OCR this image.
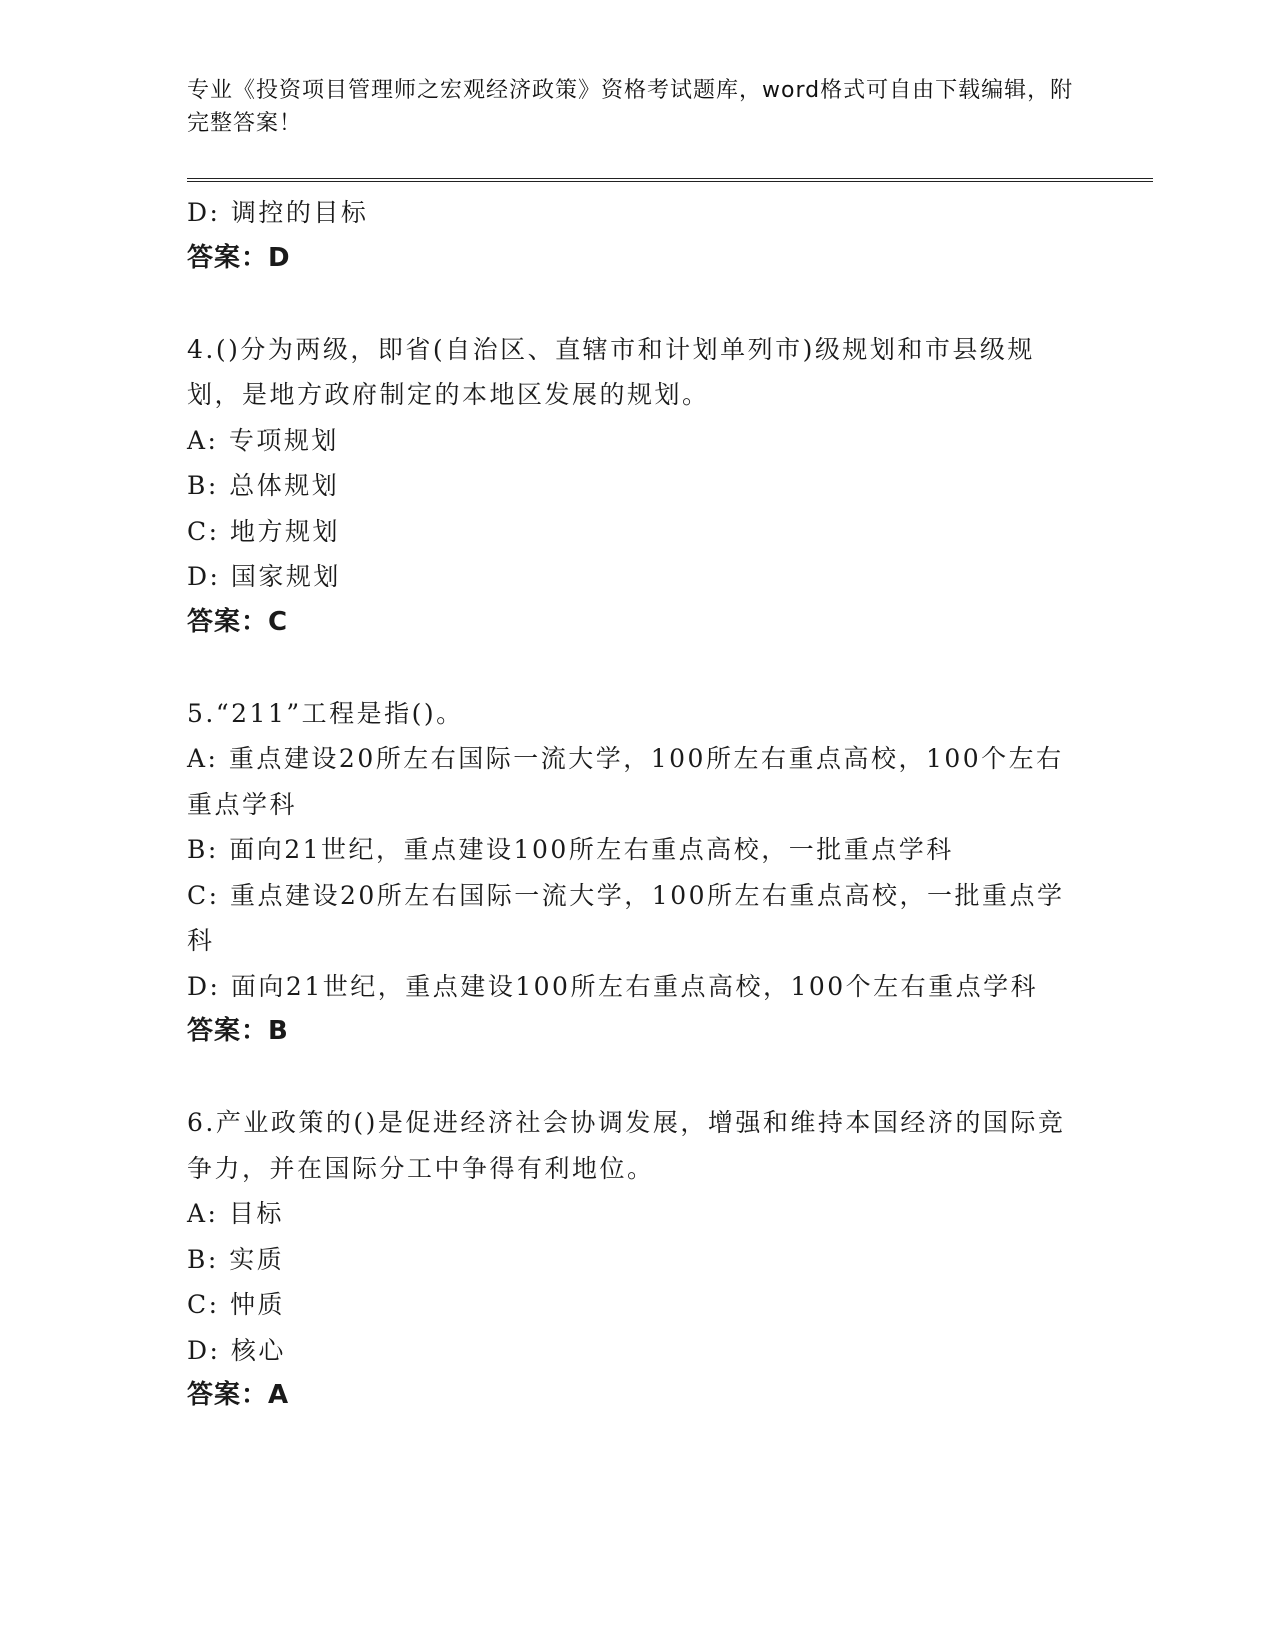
专业《投资项目管理师之宏观经济政策》资格考试题库，word格式可自由下载编辑，附完整答案！
D: 调控的目标
答案：D
4.()分为两级，即省(自治区、直辖市和计划单列市)级规划和市县级规划，是地方政府制定的本地区发展的规划。
A: 专项规划
B: 总体规划
C: 地方规划
D: 国家规划
答案：C
5.“211”工程是指()。
A: 重点建设20所左右国际一流大学，100所左右重点高校，100个左右重点学科
B: 面向21世纪，重点建设100所左右重点高校，一批重点学科
C: 重点建设20所左右国际一流大学，100所左右重点高校，一批重点学科
D: 面向21世纪，重点建设100所左右重点高校，100个左右重点学科
答案：B
6.产业政策的()是促进经济社会协调发展，增强和维持本国经济的国际竞争力，并在国际分工中争得有利地位。
A: 目标
B: 实质
C: 忡质
D: 核心
答案：A
